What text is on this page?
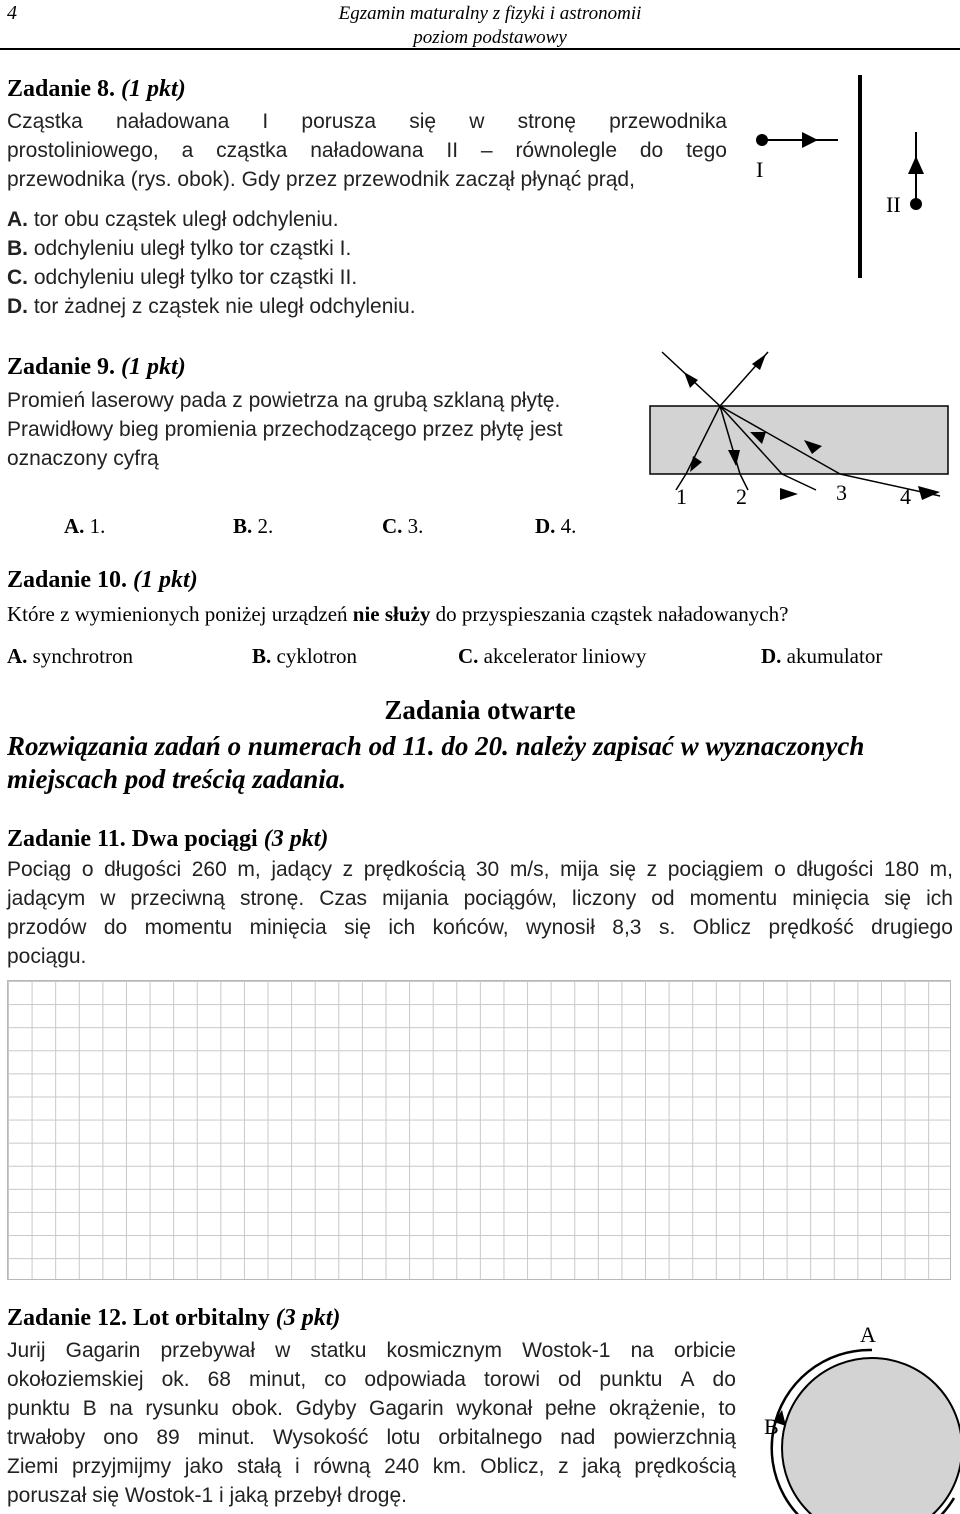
4	Egzamin maturalny z fizyki i astronomii
poziom podstawowy
Zadanie 8. (1 pkt)
Cząstka naładowana I porusza się w stronę przewodnika
prostoliniowego, a cząstka naładowana II – równolegle do tego
przewodnika (rys. obok). Gdy przez przewodnik zaczął płynąć prąd,
A. tor obu cząstek uległ odchyleniu.
B. odchyleniu uległ tylko tor cząstki I.
C. odchyleniu uległ tylko tor cząstki II.
D. tor żadnej z cząstek nie uległ odchyleniu.
I
II
Zadanie 9. (1 pkt)
Promień laserowy pada z powietrza na grubą szklaną płytę.
Prawidłowy bieg promienia przechodzącego przez płytę jest
oznaczony cyfrą
A. 1.	B. 2.	C. 3.	D. 4.
1 2	3 4
Zadanie 10. (1 pkt)
Które z wymienionych poniżej urządzeń nie służy do przyspieszania cząstek naładowanych?
A. synchrotron	B. cyklotron	C. akcelerator liniowy	D. akumulator
Zadania otwarte
Rozwiązania zadań o numerach od 11. do 20. należy zapisać w wyznaczonych
miejscach pod treścią zadania.
Zadanie 11. Dwa pociągi (3 pkt)
Pociąg o długości 260 m, jadący z prędkością 30 m/s, mija się z pociągiem o długości 180 m,
jadącym w przeciwną stronę. Czas mijania pociągów, liczony od momentu minięcia się ich
przodów do momentu minięcia się ich końców, wynosił 8,3 s. Oblicz prędkość drugiego
pociągu.
Zadanie 12. Lot orbitalny (3 pkt)
Jurij Gagarin przebywał w statku kosmicznym Wostok-1 na orbicie
okołoziemskiej ok. 68 minut, co odpowiada torowi od punktu A do
punktu B na rysunku obok. Gdyby Gagarin wykonał pełne okrążenie, to
trwałoby ono 89 minut. Wysokość lotu orbitalnego nad powierzchnią
Ziemi przyjmijmy jako stałą i równą 240 km. Oblicz, z jaką prędkością
poruszał się Wostok-1 i jaką przebył drogę.
A
B
